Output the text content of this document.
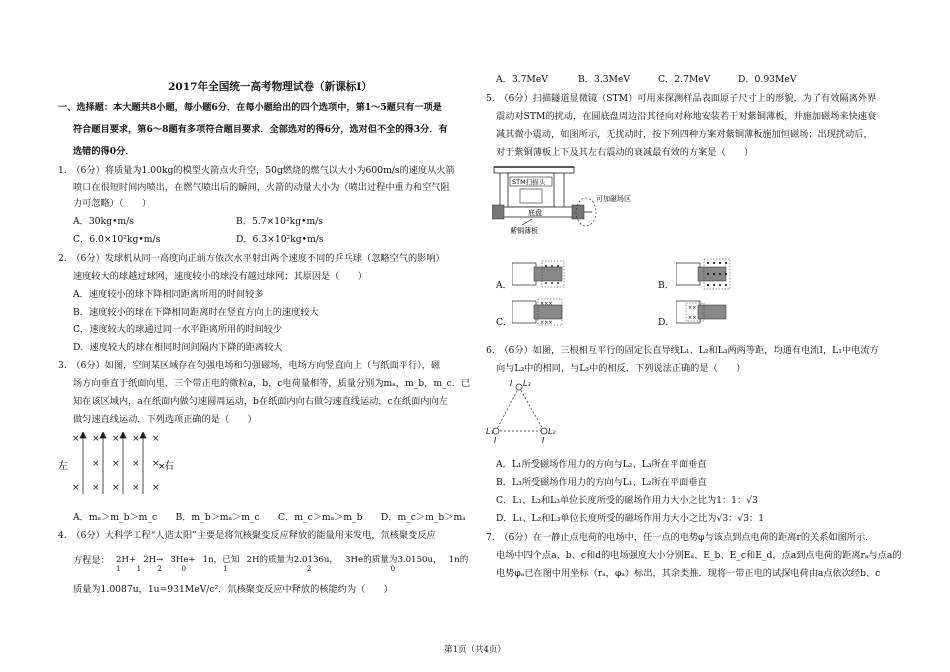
2017年全国统一高考物理试卷（新课标Ⅰ）
一、选择题：本大题共8小题，每小题6分．在每小题给出的四个选项中，第1～5题只有一项是
符合题目要求，第6～8题有多项符合题目要求．全部选对的得6分，选对但不全的得3分．有
选错的得0分．
1.　（6分）将质量为1.00kg的模型火箭点火升空，50g燃烧的燃气以大小为600m/s的速度从火箭
喷口在很短时间内喷出，在燃气喷出后的瞬间，火箭的动量大小为（喷出过程中重力和空气阻
力可忽略）（　　）
A．30kg•m/s	B．5.7×10²kg•m/s
C．6.0×10²kg•m/s	D．6.3×10²kg•m/s
2.　（6分）发球机从同一高度向正前方依次水平射出两个速度不同的乒乓球（忽略空气的影响）
速度较大的球越过球网，速度较小的球没有越过球网；其原因是（　　）
A．速度较小的球下降相同距离所用的时间较多
B．速度较小的球在下降相同距离时在竖直方向上的速度较大
C．速度较大的球通过同一水平距离所用的时间较少
D．速度较大的球在相同时间间隔内下降的距离较大
3.　（6分）如图，空间某区域存在匀强电场和匀强磁场，电场方向竖直向上（与纸面平行），磁
场方向垂直于纸面向里．三个带正电的微粒a，b，c电荷量相等，质量分别为mₐ，m_b，m_c．已
知在该区域内，a在纸面内做匀速圆周运动，b在纸面内向右做匀速直线运动，c在纸面内向左
做匀速直线运动．下列选项正确的是（　　）
× × × × ×
× × × × ×
× × × ×
左	右
×
A．mₐ＞m_b＞m_c　　B．m_b＞mₐ＞m_c　　C．m_c＞mₐ＞m_b　　D．m_c＞m_b＞mₐ
4.　（6分）大科学工程“人造太阳”主要是将氘核聚变反应释放的能量用来发电，氘核聚变反应
方程是： 2H+  2H→  3He+  1n，已知  2H的质量为2.0136u，  3He的质量为3.0150u，  1n的
1   1   2    0      1            2            0
质量为1.0087u，1u=931MeV/c²．氘核聚变反应中释放的核能约为（　　）
A．3.7MeV	B．3.3MeV	C．2.7MeV	D．0.93MeV
5.　（6分）扫描隧道显微镜（STM）可用来探测样品表面原子尺寸上的形貌，为了有效隔离外界
震动对STM的扰动，在圆底盘周边沿其径向对称地安装若干对紫铜薄板，并施加磁场来快速衰
减其微小震动，如图所示，无扰动时，按下列四种方案对紫铜薄板施加恒磁场；出现扰动后，
对于紫铜薄板上下及其左右震动的衰减最有效的方案是（　　）
STM扫描头
底盘
可加磁场区
紫铜薄板
A．	B．
C．
×××
×××	D．
××
××
6.　（6分）如图，三根相互平行的固定长直导线L₁、L₂和L₃两两等距，均通有电流I，L₁中电流方
向与L₂中的相同，与L₃中的相反．下列说法正确的是（　　）
I L₃
L₁	L₂
I	I
A．L₁所受磁场作用力的方向与L₂、L₃所在平面垂直
B．L₃所受磁场作用力的方向与L₁、L₂所在平面垂直
C．L₁、L₂和L₃单位长度所受的磁场作用力大小之比为1：1：√3
D．L₁、L₂和L₃单位长度所受的磁场作用力大小之比为√3：√3：1
7.　（6分）在一静止点电荷的电场中，任一点的电势φ与该点到点电荷的距离r的关系如图所示．
电场中四个点a、b、c和d的电场强度大小分别Eₐ、E_b、E_c和E_d，点a到点电荷的距离rₐ与点a的
电势φₐ已在图中用坐标（rₐ，φₐ）标出，其余类推．现将一带正电的试探电荷由a点依次经b、c
第1页（共4页）
